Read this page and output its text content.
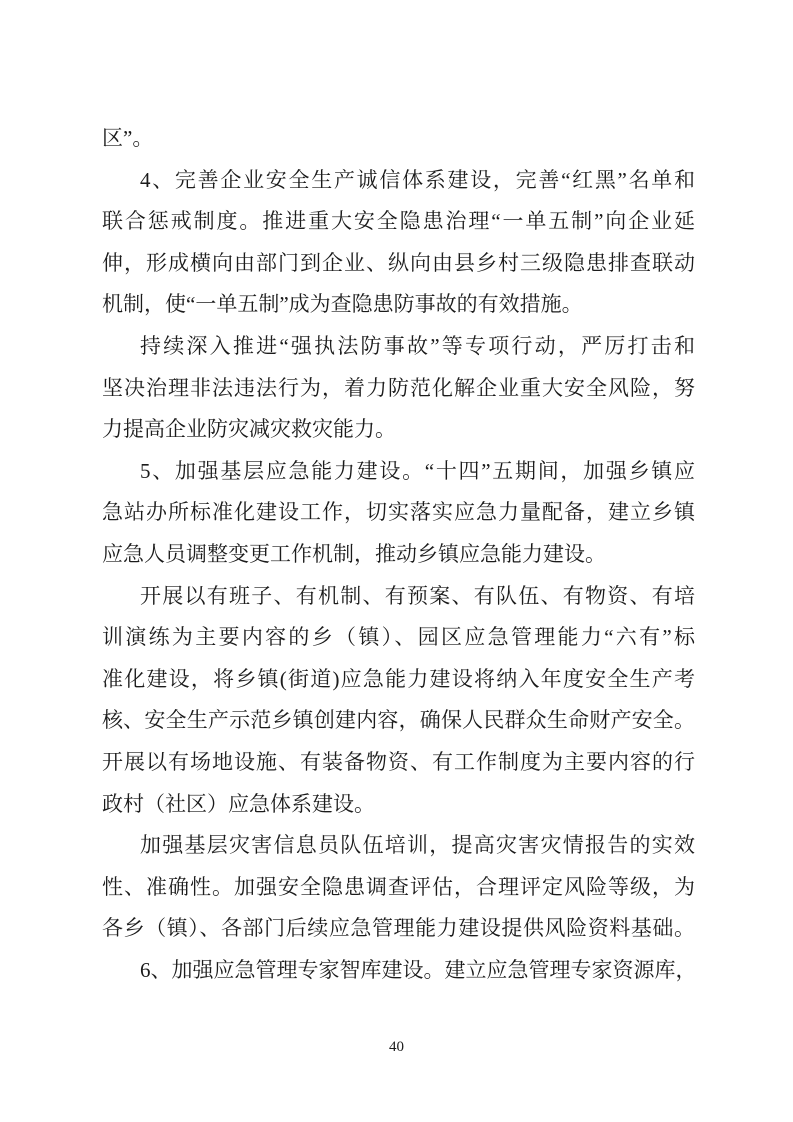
区”。
4、完善企业安全生产诚信体系建设，完善“红黑”名单和
联合惩戒制度。推进重大安全隐患治理“一单五制”向企业延
伸，形成横向由部门到企业、纵向由县乡村三级隐患排查联动
机制，使“一单五制”成为查隐患防事故的有效措施。
持续深入推进“强执法防事故”等专项行动，严厉打击和
坚决治理非法违法行为，着力防范化解企业重大安全风险，努
力提高企业防灾减灾救灾能力。
5、加强基层应急能力建设。“十四”五期间，加强乡镇应
急站办所标准化建设工作，切实落实应急力量配备，建立乡镇
应急人员调整变更工作机制，推动乡镇应急能力建设。
开展以有班子、有机制、有预案、有队伍、有物资、有培
训演练为主要内容的乡（镇）、园区应急管理能力“六有”标
准化建设，将乡镇(街道)应急能力建设将纳入年度安全生产考
核、安全生产示范乡镇创建内容，确保人民群众生命财产安全。
开展以有场地设施、有装备物资、有工作制度为主要内容的行
政村（社区）应急体系建设。
加强基层灾害信息员队伍培训，提高灾害灾情报告的实效
性、准确性。加强安全隐患调查评估，合理评定风险等级，为
各乡（镇）、各部门后续应急管理能力建设提供风险资料基础。
6、加强应急管理专家智库建设。建立应急管理专家资源库，
40
